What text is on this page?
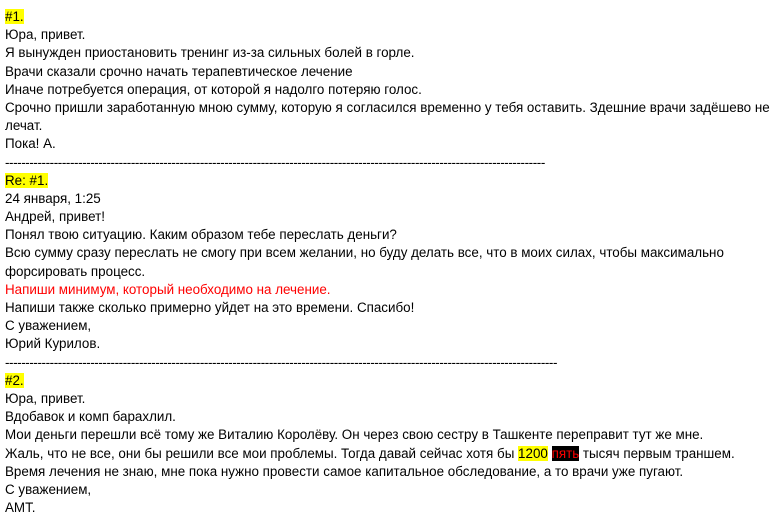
#1.
Юра, привет.
Я вынужден приостановить тренинг из-за сильных болей в горле.
Врачи сказали срочно начать терапевтическое лечение
Иначе потребуется операция, от которой я надолго потеряю голос.
Срочно пришли заработанную мною сумму, которую я согласился временно у тебя оставить. Здешние врачи задёшево не
лечат.
Пока! А.
-------------------------------------------------------------------------------------------------------------------------------------
Re: #1.
24 января, 1:25
Андрей, привет!
Понял твою ситуацию. Каким образом тебе переслать деньги?
Всю сумму сразу переслать не смогу при всем желании, но буду делать все, что в моих силах, чтобы максимально
форсировать процесс.
Напиши минимум, который необходимо на лечение.
Напиши также сколько примерно уйдет на это времени. Спасибо!
С уважением,
Юрий Курилов.
----------------------------------------------------------------------------------------------------------------------------------------
#2.
Юра, привет.
Вдобавок и комп барахлил.
Мои деньги перешли всё тому же Виталию Королёву. Он через свою сестру в Ташкенте переправит тут же мне.
Жаль, что не все, они бы решили все мои проблемы. Тогда давай сейчас хотя бы 1200 пять тысяч первым траншем.
Время лечения не знаю, мне пока нужно провести самое капитальное обследование, а то врачи уже пугают.
С уважением,
АМТ.
